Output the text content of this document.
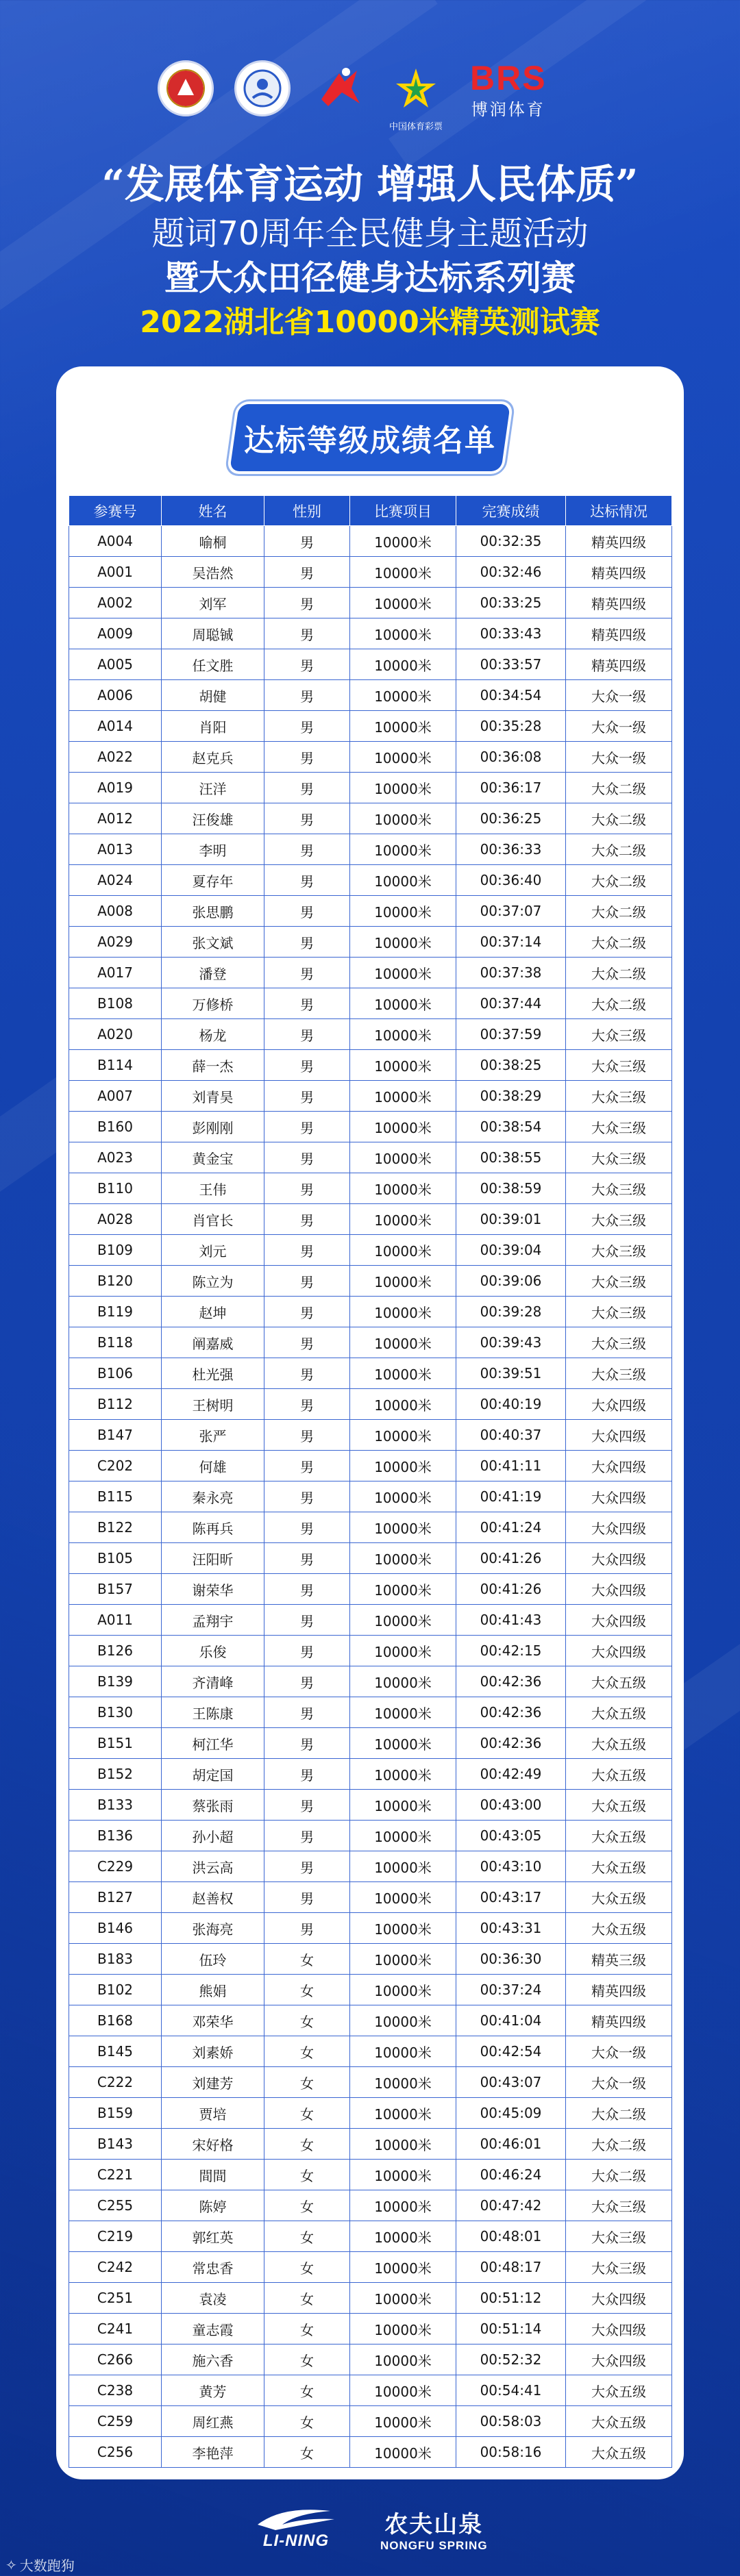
中国体育彩票
BRS
博润体育
“发展体育运动 增强人民体质”
题词70周年全民健身主题活动
暨大众田径健身达标系列赛
2022湖北省10000米精英测试赛
达标等级成绩名单
参赛号	姓名	性别	比赛项目	完赛成绩	达标情况
A004	喻桐	男	10000米	00:32:35	精英四级
A001	吴浩然	男	10000米	00:32:46	精英四级
A002	刘军	男	10000米	00:33:25	精英四级
A009	周聪铖	男	10000米	00:33:43	精英四级
A005	任文胜	男	10000米	00:33:57	精英四级
A006	胡健	男	10000米	00:34:54	大众一级
A014	肖阳	男	10000米	00:35:28	大众一级
A022	赵克兵	男	10000米	00:36:08	大众一级
A019	汪洋	男	10000米	00:36:17	大众二级
A012	汪俊雄	男	10000米	00:36:25	大众二级
A013	李明	男	10000米	00:36:33	大众二级
A024	夏存年	男	10000米	00:36:40	大众二级
A008	张思鹏	男	10000米	00:37:07	大众二级
A029	张文斌	男	10000米	00:37:14	大众二级
A017	潘登	男	10000米	00:37:38	大众二级
B108	万修桥	男	10000米	00:37:44	大众二级
A020	杨龙	男	10000米	00:37:59	大众三级
B114	薛一杰	男	10000米	00:38:25	大众三级
A007	刘青昊	男	10000米	00:38:29	大众三级
B160	彭刚刚	男	10000米	00:38:54	大众三级
A023	黄金宝	男	10000米	00:38:55	大众三级
B110	王伟	男	10000米	00:38:59	大众三级
A028	肖官长	男	10000米	00:39:01	大众三级
B109	刘元	男	10000米	00:39:04	大众三级
B120	陈立为	男	10000米	00:39:06	大众三级
B119	赵坤	男	10000米	00:39:28	大众三级
B118	阐嘉威	男	10000米	00:39:43	大众三级
B106	杜光强	男	10000米	00:39:51	大众三级
B112	王树明	男	10000米	00:40:19	大众四级
B147	张严	男	10000米	00:40:37	大众四级
C202	何雄	男	10000米	00:41:11	大众四级
B115	秦永亮	男	10000米	00:41:19	大众四级
B122	陈再兵	男	10000米	00:41:24	大众四级
B105	汪阳昕	男	10000米	00:41:26	大众四级
B157	谢荣华	男	10000米	00:41:26	大众四级
A011	孟翔宇	男	10000米	00:41:43	大众四级
B126	乐俊	男	10000米	00:42:15	大众四级
B139	齐清峰	男	10000米	00:42:36	大众五级
B130	王陈康	男	10000米	00:42:36	大众五级
B151	柯江华	男	10000米	00:42:36	大众五级
B152	胡定国	男	10000米	00:42:49	大众五级
B133	蔡张雨	男	10000米	00:43:00	大众五级
B136	孙小超	男	10000米	00:43:05	大众五级
C229	洪云高	男	10000米	00:43:10	大众五级
B127	赵善权	男	10000米	00:43:17	大众五级
B146	张海亮	男	10000米	00:43:31	大众五级
B183	伍玲	女	10000米	00:36:30	精英三级
B102	熊娟	女	10000米	00:37:24	精英四级
B168	邓荣华	女	10000米	00:41:04	精英四级
B145	刘素娇	女	10000米	00:42:54	大众一级
C222	刘建芳	女	10000米	00:43:07	大众一级
B159	贾培	女	10000米	00:45:09	大众二级
B143	宋好格	女	10000米	00:46:01	大众二级
C221	間間	女	10000米	00:46:24	大众二级
C255	陈婷	女	10000米	00:47:42	大众三级
C219	郭红英	女	10000米	00:48:01	大众三级
C242	常忠香	女	10000米	00:48:17	大众三级
C251	袁凌	女	10000米	00:51:12	大众四级
C241	童志霞	女	10000米	00:51:14	大众四级
C266	施六香	女	10000米	00:52:32	大众四级
C238	黄芳	女	10000米	00:54:41	大众五级
C259	周红燕	女	10000米	00:58:03	大众五级
C256	李艳萍	女	10000米	00:58:16	大众五级
LI-NING
农夫山泉
NONGFU SPRING
✧ 大数跑狗
